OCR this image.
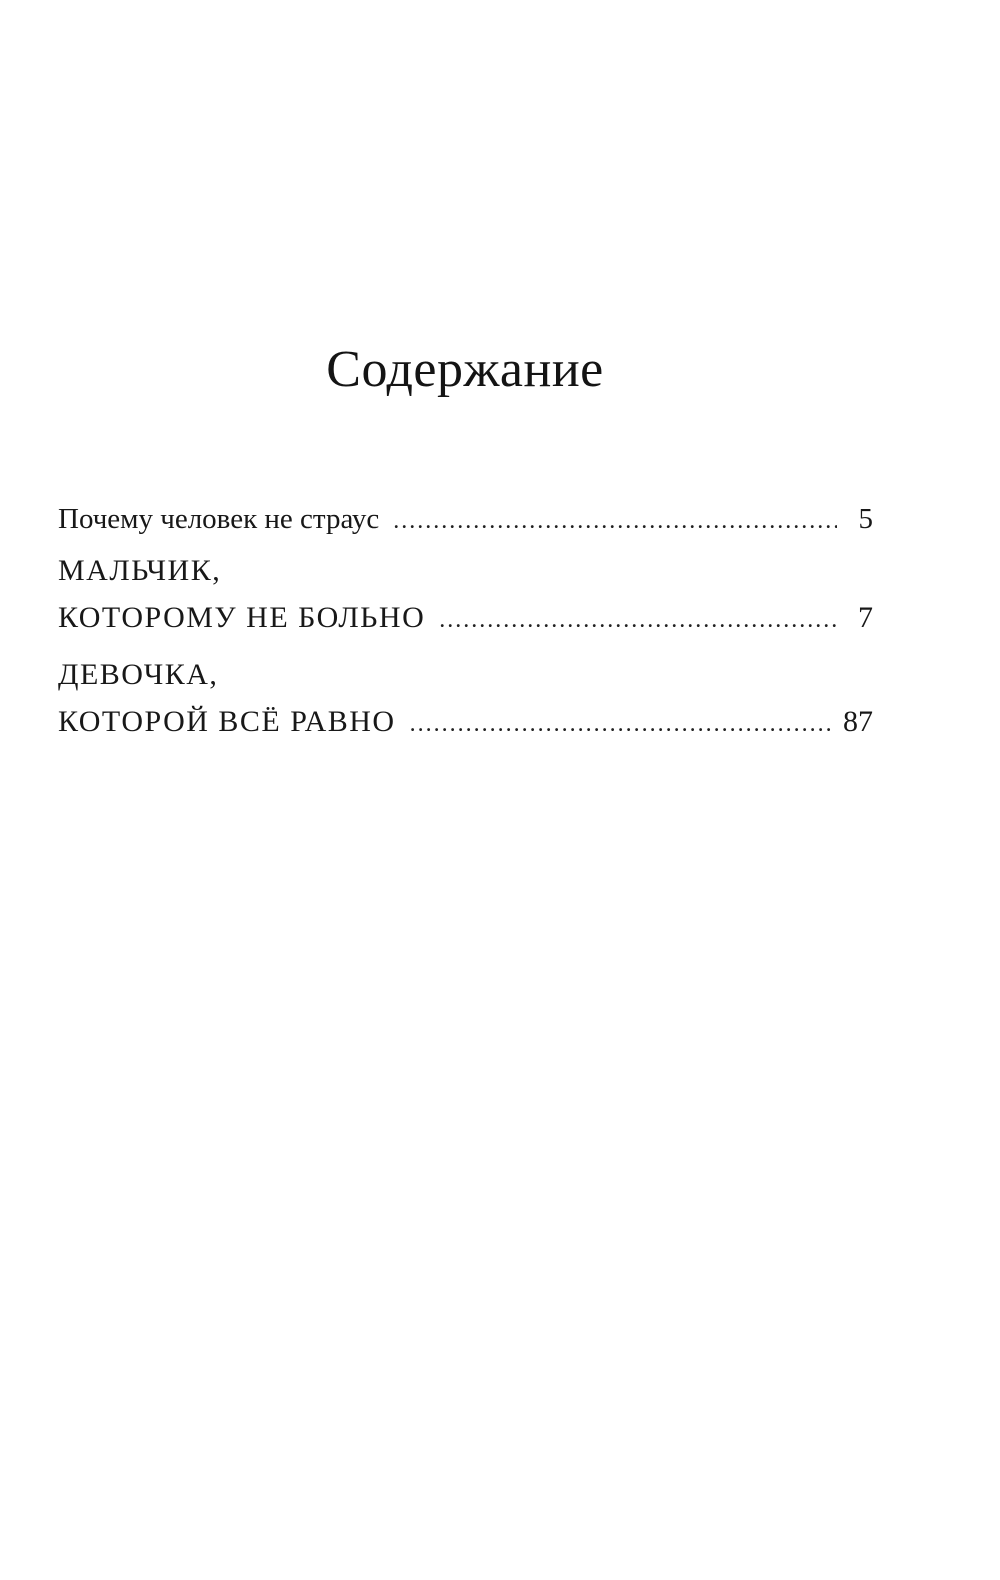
Содержание
Почему человек не страус .....	5
МАЛЬЧИК,
КОТОРОМУ НЕ БОЛЬНО .....	7
ДЕВОЧКА,
КОТОРОЙ ВСЁ РАВНО .....	87
